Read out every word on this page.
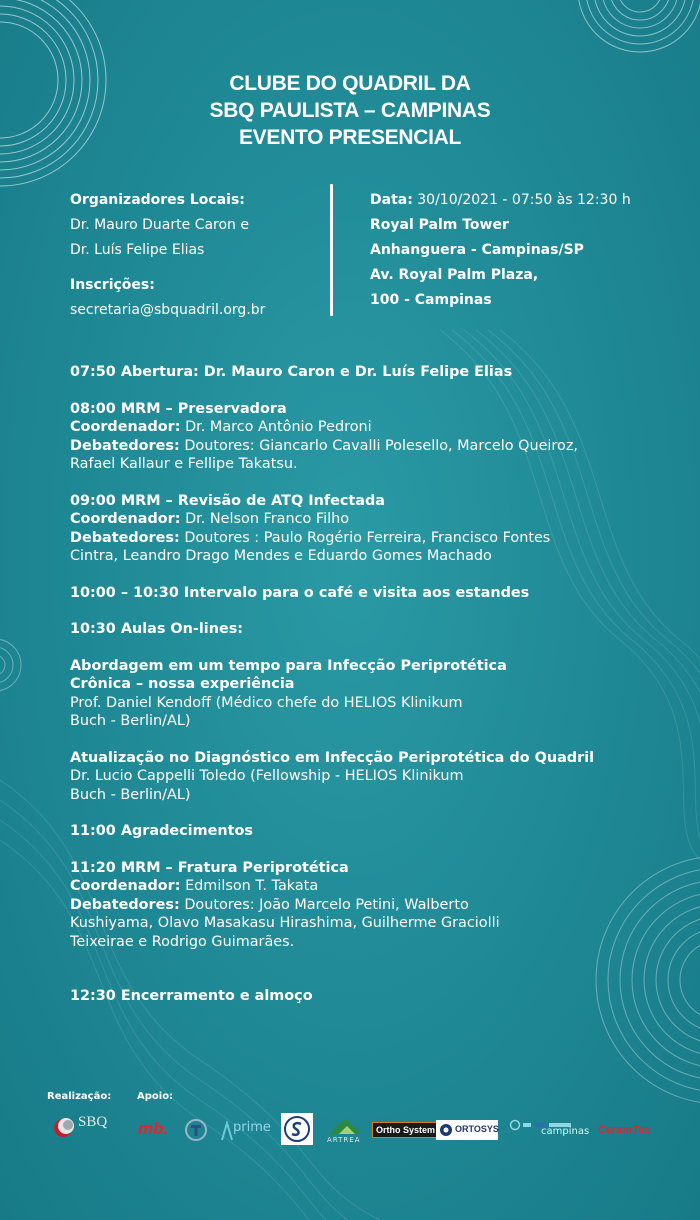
CLUBE DO QUADRIL DA
SBQ PAULISTA – CAMPINAS
EVENTO PRESENCIAL
Organizadores Locais:
Dr. Mauro Duarte Caron e
Dr. Luís Felipe Elias
Inscrições:
secretaria@sbquadril.org.br
Data: 30/10/2021 - 07:50 às 12:30 h
Royal Palm Tower
Anhanguera - Campinas/SP
Av. Royal Palm Plaza,
100 - Campinas
07:50 Abertura: Dr. Mauro Caron e Dr. Luís Felipe Elias
08:00 MRM – Preservadora
Coordenador: Dr. Marco Antônio Pedroni
Debatedores: Doutores: Giancarlo Cavalli Polesello, Marcelo Queiroz,
Rafael Kallaur e Fellipe Takatsu.
09:00 MRM – Revisão de ATQ Infectada
Coordenador: Dr. Nelson Franco Filho
Debatedores: Doutores : Paulo Rogério Ferreira, Francisco Fontes
Cintra, Leandro Drago Mendes e Eduardo Gomes Machado
10:00 – 10:30 Intervalo para o café e visita aos estandes
10:30 Aulas On-lines:
Abordagem em um tempo para Infecção Periprotética
Crônica – nossa experiência
Prof. Daniel Kendoff (Médico chefe do HELIOS Klinikum
Buch - Berlin/AL)
Atualização no Diagnóstico em Infecção Periprotética do Quadril
Dr. Lucio Cappelli Toledo (Fellowship - HELIOS Klinikum
Buch - Berlin/AL)
11:00 Agradecimentos
11:20 MRM – Fratura Periprotética
Coordenador: Edmilson T. Takata
Debatedores: Doutores: João Marcelo Petini, Walberto
Kushiyama, Olavo Masakasu Hirashima, Guilherme Graciolli
Teixeirae e Rodrigo Guimarães.
12:30 Encerramento e almoço
Realização:	Apoio:
SBQ mb.	prime
ARTREA
Ortho System	ORTOSYS	campinas CeramTec
